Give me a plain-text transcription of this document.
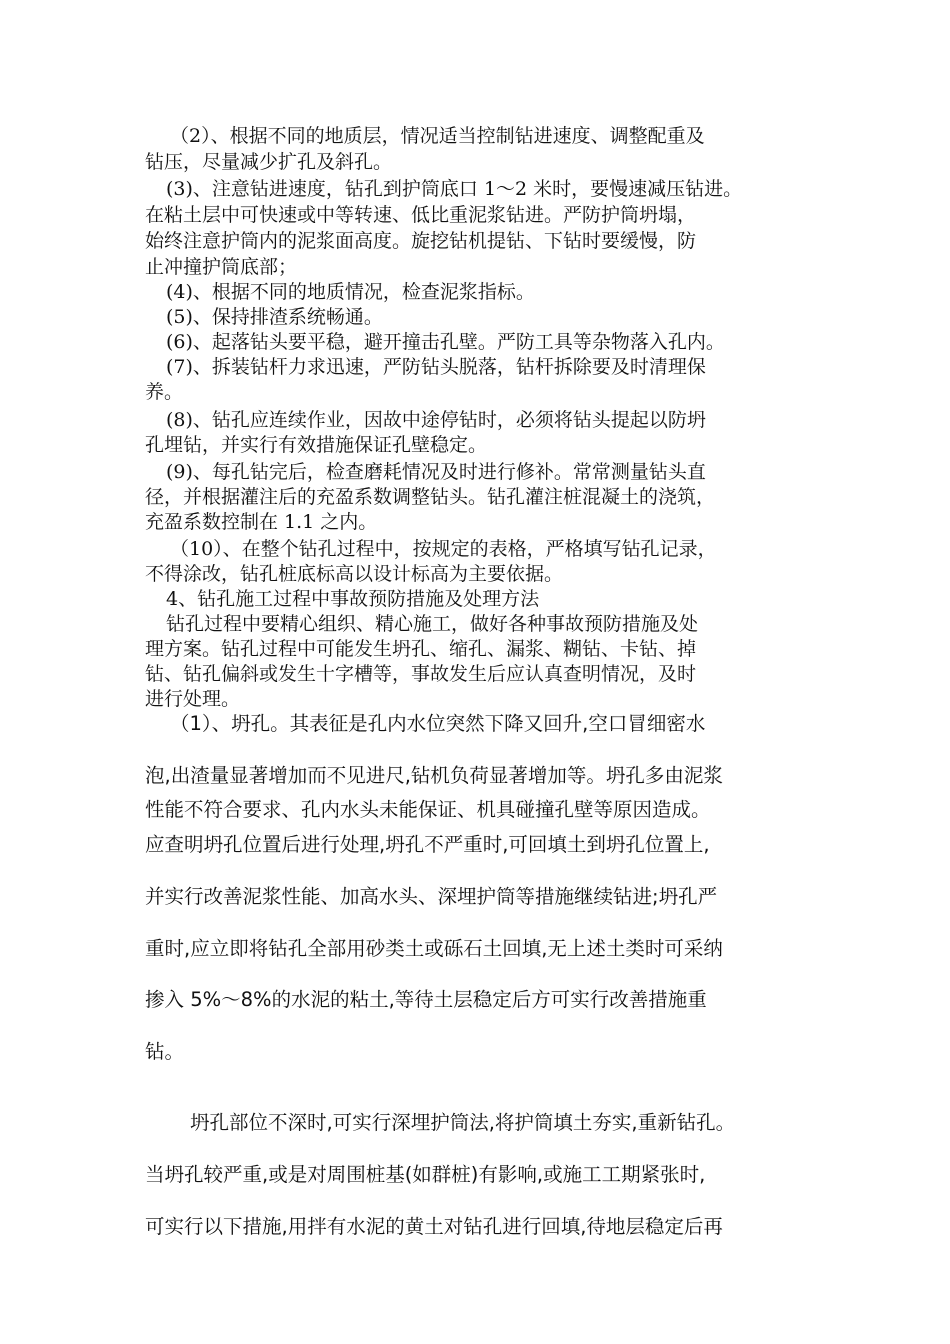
（2）、根据不同的地质层，情况适当控制钻进速度、调整配重及

钻压，尽量减少扩孔及斜孔。

(3)、注意钻进速度，钻孔到护筒底口 1～2 米时，要慢速减压钻进。

在粘土层中可快速或中等转速、低比重泥浆钻进。严防护筒坍塌，

始终注意护筒内的泥浆面高度。旋挖钻机提钻、下钻时要缓慢，防

止冲撞护筒底部；

(4)、根据不同的地质情况，检查泥浆指标。

(5)、保持排渣系统畅通。

(6)、起落钻头要平稳，避开撞击孔壁。严防工具等杂物落入孔内。

(7)、拆装钻杆力求迅速，严防钻头脱落，钻杆拆除要及时清理保

养。

(8)、钻孔应连续作业，因故中途停钻时，必须将钻头提起以防坍

孔埋钻，并实行有效措施保证孔壁稳定。

(9)、每孔钻完后，检查磨耗情况及时进行修补。常常测量钻头直

径，并根据灌注后的充盈系数调整钻头。钻孔灌注桩混凝土的浇筑，

充盈系数控制在 1.1 之内。

（10）、在整个钻孔过程中，按规定的表格，严格填写钻孔记录，

不得涂改，钻孔桩底标高以设计标高为主要依据。

4、钻孔施工过程中事故预防措施及处理方法

钻孔过程中要精心组织、精心施工，做好各种事故预防措施及处

理方案。钻孔过程中可能发生坍孔、缩孔、漏浆、糊钻、卡钻、掉

钻、钻孔偏斜或发生十字槽等，事故发生后应认真查明情况，及时

进行处理。

（1）、坍孔。其表征是孔内水位突然下降又回升,空口冒细密水

泡,出渣量显著增加而不见进尺,钻机负荷显著增加等。坍孔多由泥浆

性能不符合要求、孔内水头未能保证、机具碰撞孔壁等原因造成。

应查明坍孔位置后进行处理,坍孔不严重时,可回填土到坍孔位置上,

并实行改善泥浆性能、加高水头、深埋护筒等措施继续钻进;坍孔严

重时,应立即将钻孔全部用砂类土或砾石土回填,无上述土类时可采纳

掺入 5%～8%的水泥的粘土,等待土层稳定后方可实行改善措施重

钻。

坍孔部位不深时,可实行深埋护筒法,将护筒填土夯实,重新钻孔。

当坍孔较严重,或是对周围桩基(如群桩)有影响,或施工工期紧张时,

可实行以下措施,用拌有水泥的黄土对钻孔进行回填,待地层稳定后再
